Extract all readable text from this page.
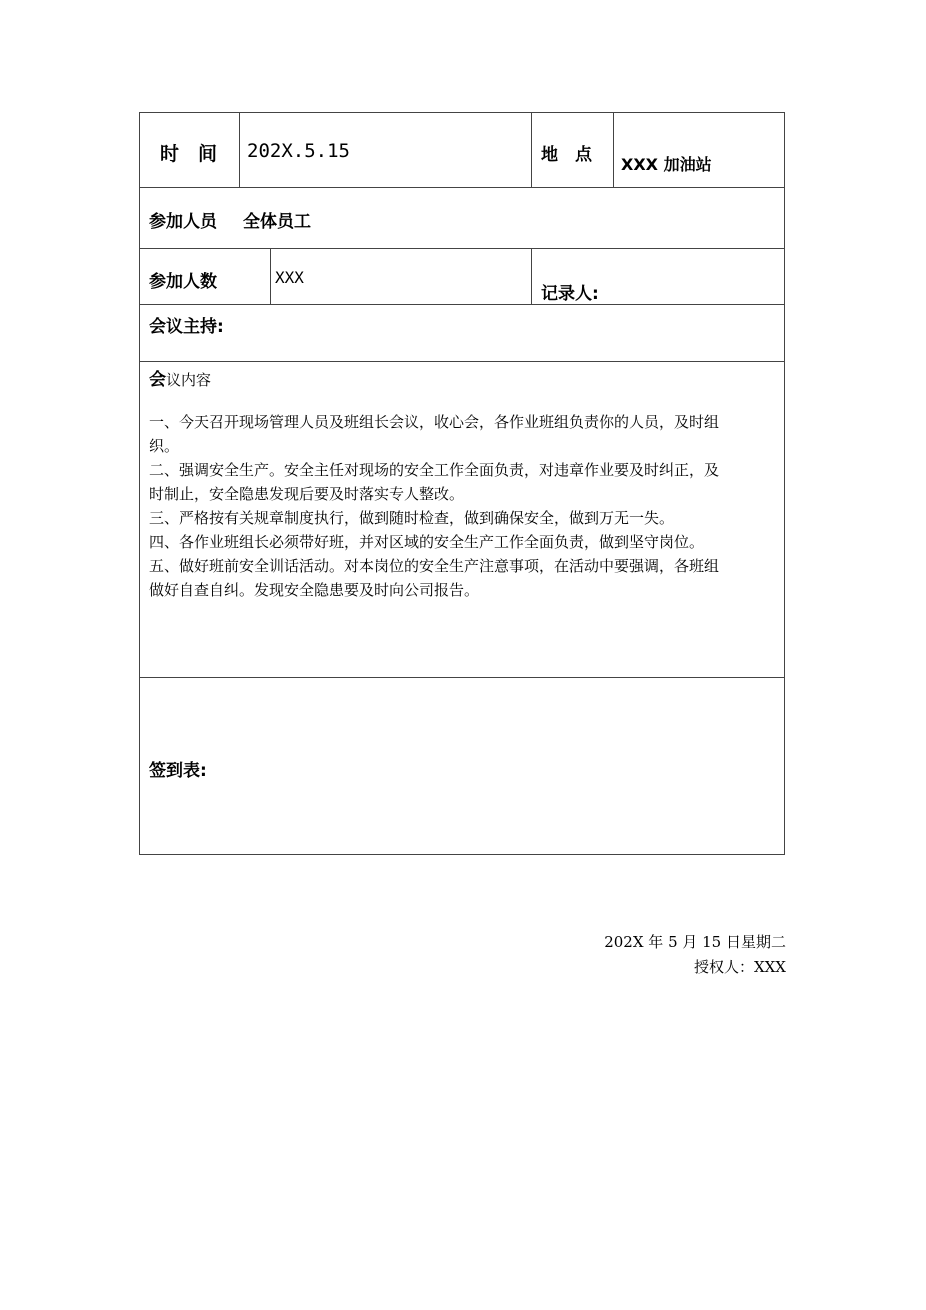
时　间 202X.5.15	地　点 XXX 加油站
参加人员 全体员工
参加人数	XXX
记录人:
会议主持:
会议内容

一、今天召开现场管理人员及班组长会议，收心会，各作业班组负责你的人员，及时组

织。

二、强调安全生产。安全主任对现场的安全工作全面负责，对违章作业要及时纠正，及

时制止，安全隐患发现后要及时落实专人整改。

三、严格按有关规章制度执行，做到随时检查，做到确保安全，做到万无一失。

四、各作业班组长必须带好班，并对区域的安全生产工作全面负责，做到坚守岗位。

五、做好班前安全训话活动。对本岗位的安全生产注意事项，在活动中要强调，各班组

做好自查自纠。发现安全隐患要及时向公司报告。

签到表:
202X 年 5 月 15 日星期二
授权人：XXX
